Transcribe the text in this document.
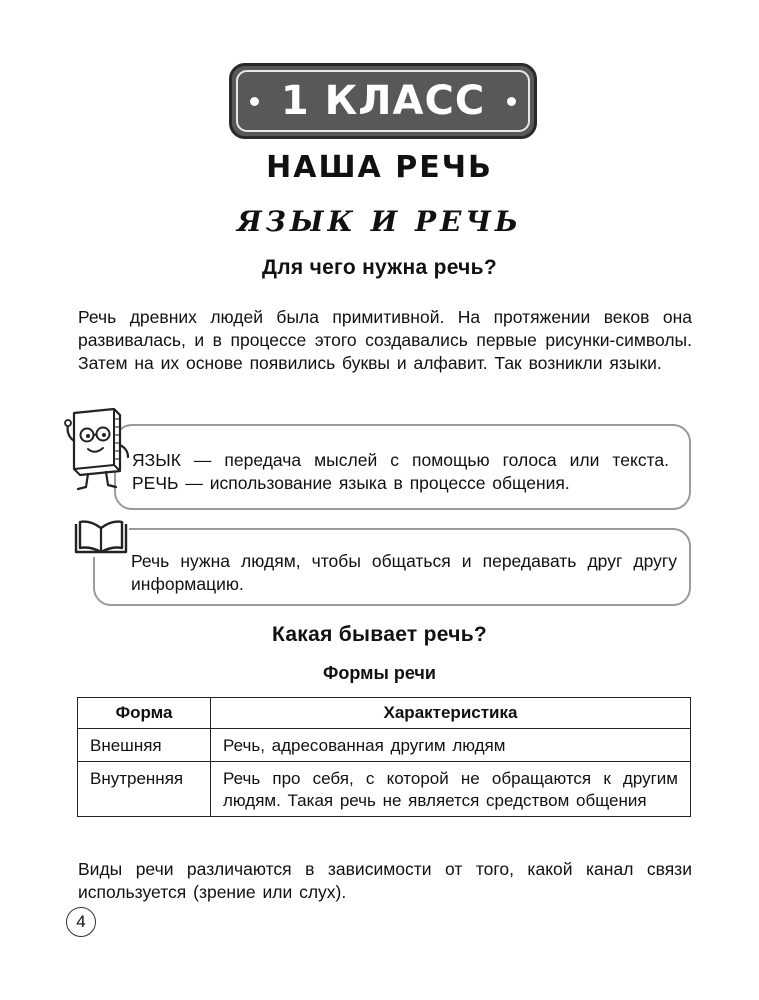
1 КЛАСС
НАША РЕЧЬ
ЯЗЫК И РЕЧЬ
Для чего нужна речь?
Речь древних людей была примитивной. На протяжении веков она развивалась, и в процессе этого создавались первые рисунки-символы. Затем на их основе появились буквы и алфавит. Так возникли языки.
ЯЗЫК — передача мыслей с помощью голоса или текста. РЕЧЬ — использование языка в процессе общения.
Речь нужна людям, чтобы общаться и передавать друг другу информацию.
Какая бывает речь?
Формы речи
Форма	Характеристика
Внешняя	Речь, адресованная другим людям
Внутренняя	Речь про себя, с которой не обращаются к другим людям. Такая речь не является средством общения
Виды речи различаются в зависимости от того, какой канал связи используется (зрение или слух).
4
